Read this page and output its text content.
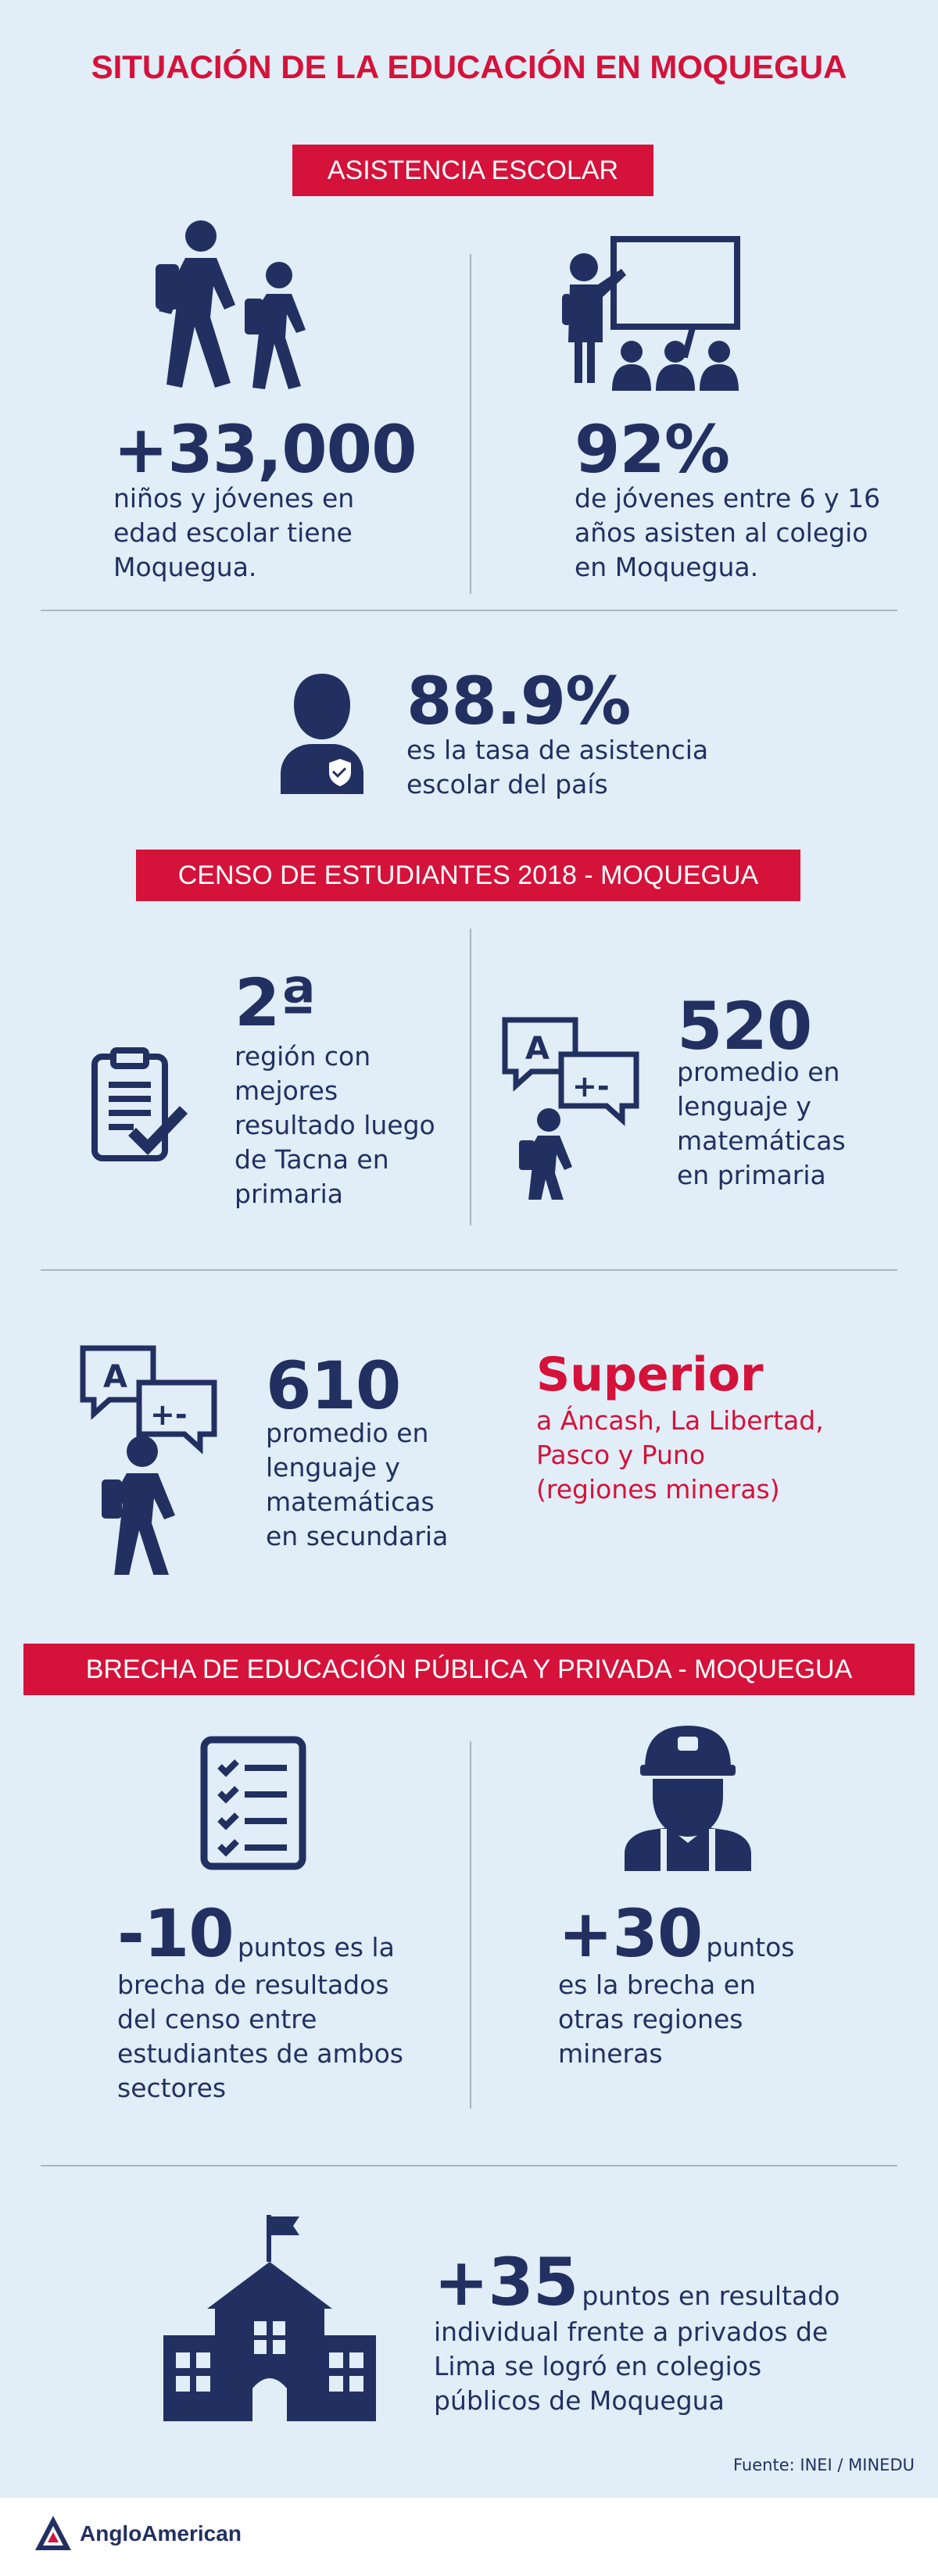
SITUACIÓN DE LA EDUCACIÓN EN MOQUEGUA
ASISTENCIA ESCOLAR
+33,000
niños y jóvenes en
edad escolar tiene
Moquegua.
92%
de jóvenes entre 6 y 16
años asisten al colegio
en Moquegua.
88.9%
es la tasa de asistencia
escolar del país
CENSO DE ESTUDIANTES 2018 - MOQUEGUA
2ª
región con
mejores
resultado luego
de Tacna en
primaria
A
+-
520
promedio en
lenguaje y
matemáticas
en primaria
A
+- 610
promedio en
lenguaje y
matemáticas
en secundaria
Superior
a Áncash, La Libertad,
Pasco y Puno
(regiones mineras)
BRECHA DE EDUCACIÓN PÚBLICA Y PRIVADA - MOQUEGUA
-10 puntos es la
brecha de resultados
del censo entre
estudiantes de ambos
sectores
+30 puntos
es la brecha en
otras regiones
mineras
+35 puntos en resultado
individual frente a privados de
Lima se logró en colegios
públicos de Moquegua
Fuente: INEI / MINEDU
AngloAmerican
